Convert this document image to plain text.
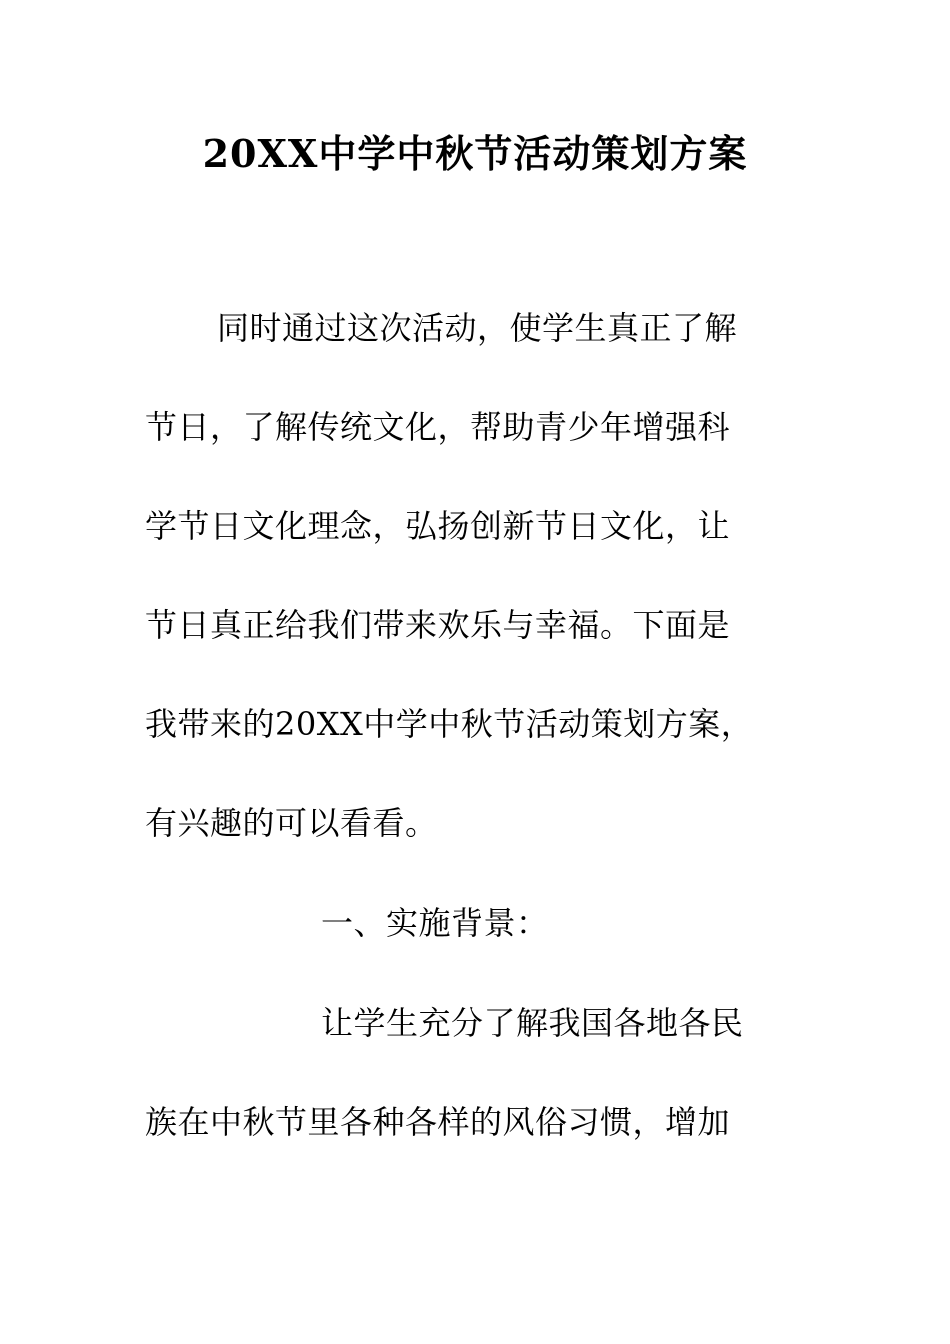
20XX中学中秋节活动策划方案
同时通过这次活动，使学生真正了解
节日，了解传统文化，帮助青少年增强科
学节日文化理念，弘扬创新节日文化，让
节日真正给我们带来欢乐与幸福。下面是
我带来的20XX中学中秋节活动策划方案，
有兴趣的可以看看。
一、实施背景：
让学生充分了解我国各地各民
族在中秋节里各种各样的风俗习惯，增加
